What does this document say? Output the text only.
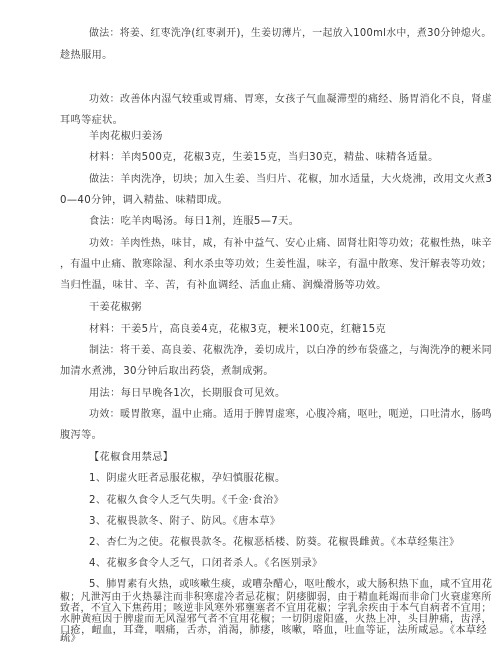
做法：将姜、红枣洗净(红枣剥开)，生姜切薄片，一起放入100ml水中，煮30分钟熄火。
趁热服用。
功效：改善体内湿气较重或胃痛、胃寒，女孩子气血凝滞型的痛经、肠胃消化不良，肾虚
耳鸣等症状。
羊肉花椒归姜汤
材料：羊肉500克，花椒3克，生姜15克，当归30克，精盐、味精各适量。
做法：羊肉洗净，切块；加入生姜、当归片、花椒，加水适量，大火烧沸，改用文火煮3
0—40分钟，调入精盐、味精即成。
食法：吃羊肉喝汤。每日1剂，连服5—7天。
功效：羊肉性热，味甘，咸，有补中益气、安心止痛、固肾壮阳等功效；花椒性热，味辛
，有温中止痛、散寒除湿、利水杀虫等功效；生姜性温，味辛，有温中散寒、发汗解表等功效；
当归性温，味甘、辛、苦，有补血调经、活血止痛、润燥滑肠等功效。
干姜花椒粥
材料：干姜5片，高良姜4克，花椒3克，粳米100克，红糖15克
制法：将干姜、高良姜、花椒洗净，姜切成片，以白净的纱布袋盛之，与淘洗净的粳米同
加清水煮沸，30分钟后取出药袋，煮制成粥。
用法：每日早晚各1次，长期服食可见效。
功效：暖胃散寒，温中止痛。适用于脾胃虚寒，心腹冷痛，呕吐，呃逆，口吐清水，肠鸣
腹泻等。
【花椒食用禁忌】
1、阴虚火旺者忌服花椒，孕妇慎服花椒。
2、花椒久食令人乏气失明。《千金·食治》
3、花椒畏款冬、附子、防风。《唐本草》
2、杏仁为之使。花椒畏款冬。花椒恶栝楼、防葵。花椒畏雌黄。《本草经集注》
4、花椒多食令人乏气，口闭者杀人。《名医别录》
5、肺胃素有火热，或咳嗽生痰，或嘈杂醋心，呕吐酸水，或大肠积热下血，咸不宜用花
椒；凡泄泻由于火热暴注而非积寒虚冷者忌花椒；阴痿脚弱，由于精血耗竭而非命门火衰虚寒所
致者，不宜入下焦药用；咳逆非风寒外邪壅塞者不宜用花椒；字乳余疾由于本气自病者不宜用；
水肿黄疸因于脾虚而无风湿邪气者不宜用花椒；一切阴虚阳盛，火热上冲，头目肿痛，齿浮，
口疮，衄血，耳聋，咽痛，舌赤，消渴，肺痿，咳嗽，咯血，吐血等证，法所咸忌。《本草经
疏》
